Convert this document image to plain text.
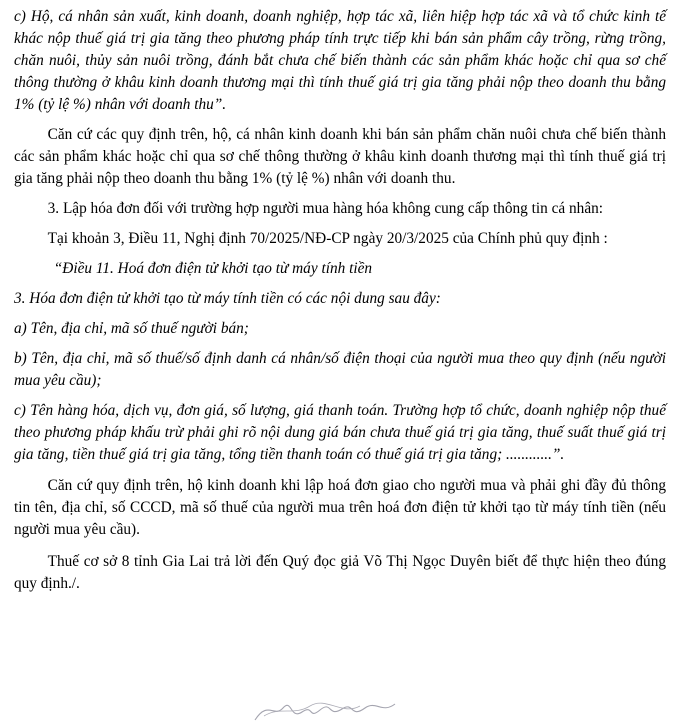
c) Hộ, cá nhân sản xuất, kinh doanh, doanh nghiệp, hợp tác xã, liên hiệp hợp tác xã và tổ chức kinh tế khác nộp thuế giá trị gia tăng theo phương pháp tính trực tiếp khi bán sản phẩm cây trồng, rừng trồng, chăn nuôi, thủy sản nuôi trồng, đánh bắt chưa chế biến thành các sản phẩm khác hoặc chỉ qua sơ chế thông thường ở khâu kinh doanh thương mại thì tính thuế giá trị gia tăng phải nộp theo doanh thu bằng 1% (tỷ lệ %) nhân với doanh thu”.

Căn cứ các quy định trên, hộ, cá nhân kinh doanh khi bán sản phẩm chăn nuôi chưa chế biến thành các sản phẩm khác hoặc chỉ qua sơ chế thông thường ở khâu kinh doanh thương mại thì tính thuế giá trị gia tăng phải nộp theo doanh thu bằng 1% (tỷ lệ %) nhân với doanh thu.

3. Lập hóa đơn đối với trường hợp người mua hàng hóa không cung cấp thông tin cá nhân:

Tại khoản 3, Điều 11, Nghị định 70/2025/NĐ-CP ngày 20/3/2025 của Chính phủ quy định :

“Điều 11. Hoá đơn điện tử khởi tạo từ máy tính tiền

3. Hóa đơn điện tử khởi tạo từ máy tính tiền có các nội dung sau đây:

a) Tên, địa chỉ, mã số thuế người bán;

b) Tên, địa chỉ, mã số thuế/số định danh cá nhân/số điện thoại của người mua theo quy định (nếu người mua yêu cầu);

c) Tên hàng hóa, dịch vụ, đơn giá, số lượng, giá thanh toán. Trường hợp tổ chức, doanh nghiệp nộp thuế theo phương pháp khấu trừ phải ghi rõ nội dung giá bán chưa thuế giá trị gia tăng, thuế suất thuế giá trị gia tăng, tiền thuế giá trị gia tăng, tổng tiền thanh toán có thuế giá trị gia tăng; ............”.

Căn cứ quy định trên, hộ kinh doanh khi lập hoá đơn giao cho người mua và phải ghi đầy đủ thông tin tên, địa chỉ, số CCCD, mã số thuế của người mua trên hoá đơn điện tử khởi tạo từ máy tính tiền (nếu người mua yêu cầu).

Thuế cơ sở 8 tỉnh Gia Lai trả lời đến Quý đọc giả Võ Thị Ngọc Duyên biết để thực hiện theo đúng quy định./.
